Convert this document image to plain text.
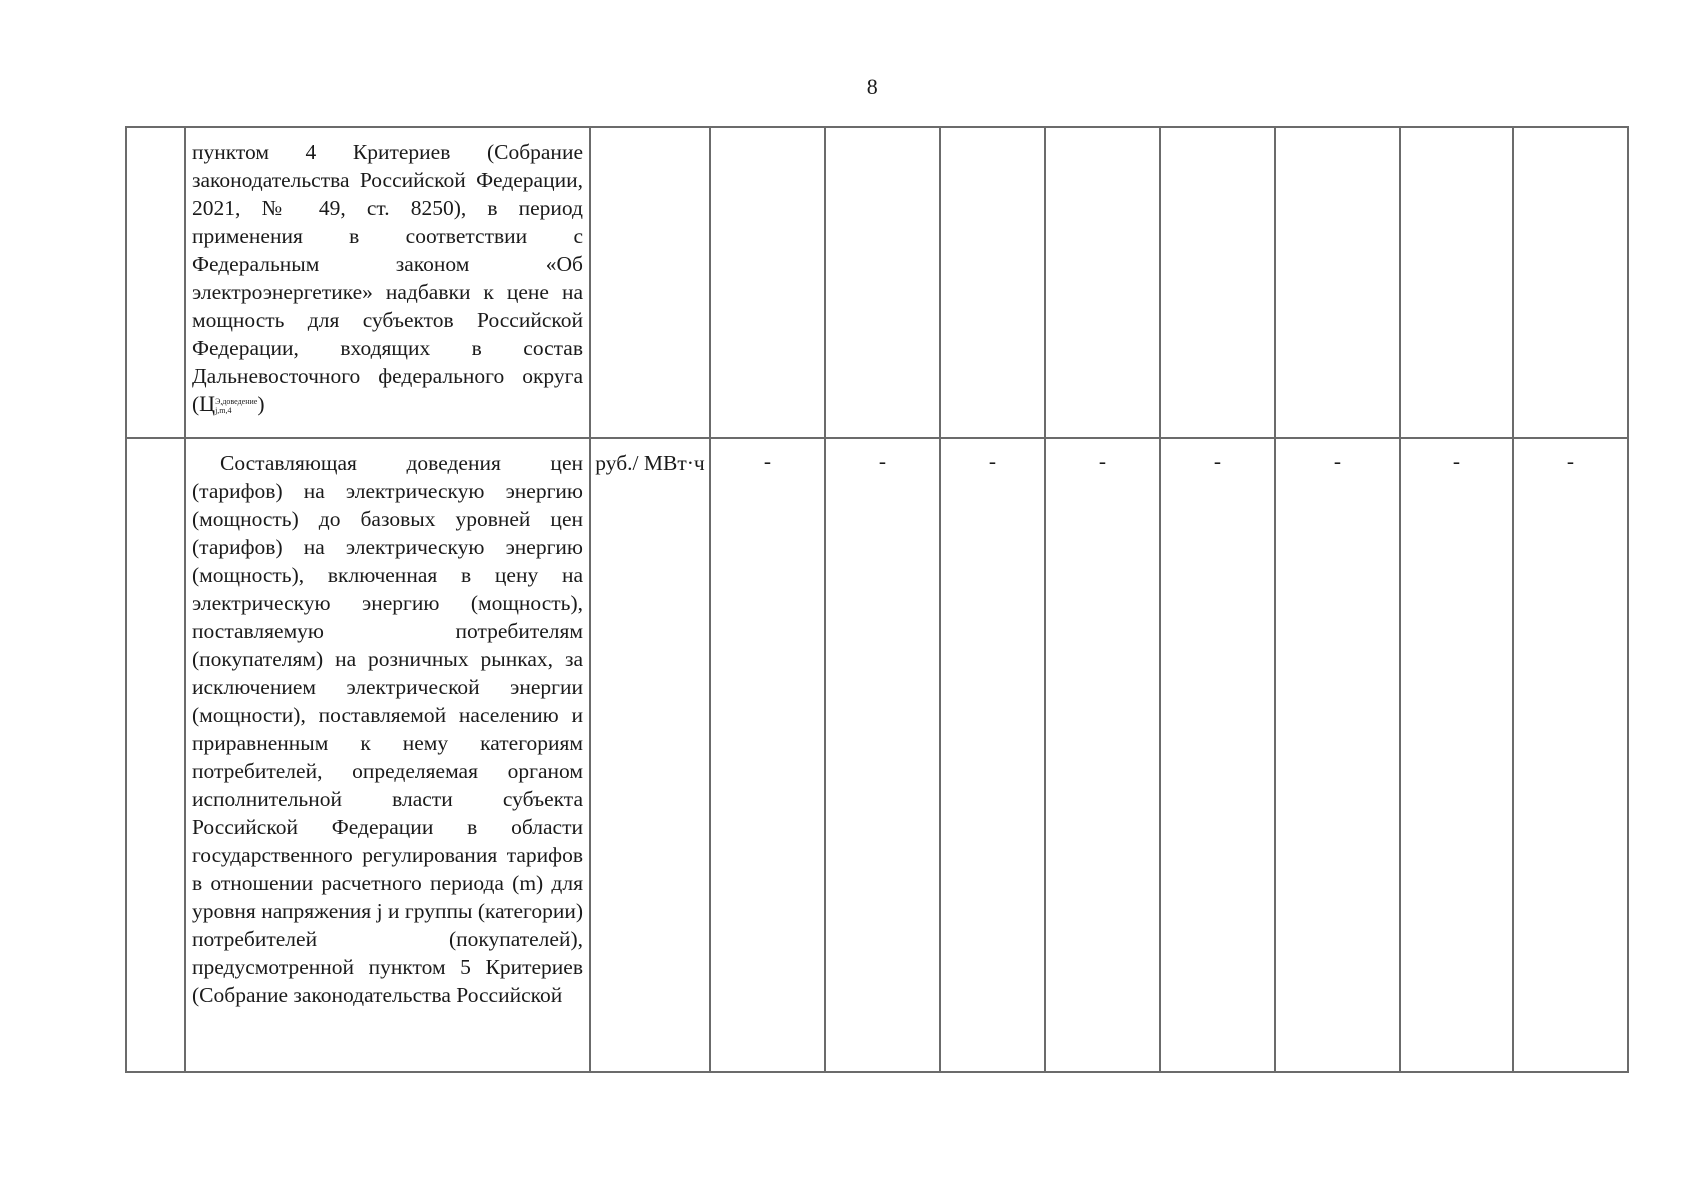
8
	пунктом 4 Критериев (Собрание законодательства Российской Федерации, 2021, № 49, ст. 8250), в период применения в соответствии с Федеральным законом «Об электроэнергетике» надбавки к цене на мощность для субъектов Российской Федерации, входящих в состав Дальневосточного федерального округа (Ц Э,доведение
j,m,4 )									
	Составляющая доведения цен (тарифов) на электрическую энергию (мощность) до базовых уровней цен (тарифов) на электрическую энергию (мощность), включенная в цену на электрическую энергию (мощность), поставляемую потребителям (покупателям) на розничных рынках, за исключением электрической энергии (мощности), поставляемой населению и приравненным к нему категориям потребителей, определяемая органом исполнительной власти субъекта Российской Федерации в области государственного регулирования тарифов в отношении расчетного периода (m) для уровня напряжения j и группы (категории) потребителей (покупателей), предусмотренной пунктом 5 Критериев (Собрание законодательства Российской	руб./ МВт·ч	-	-	-	-	-	-	-	-
